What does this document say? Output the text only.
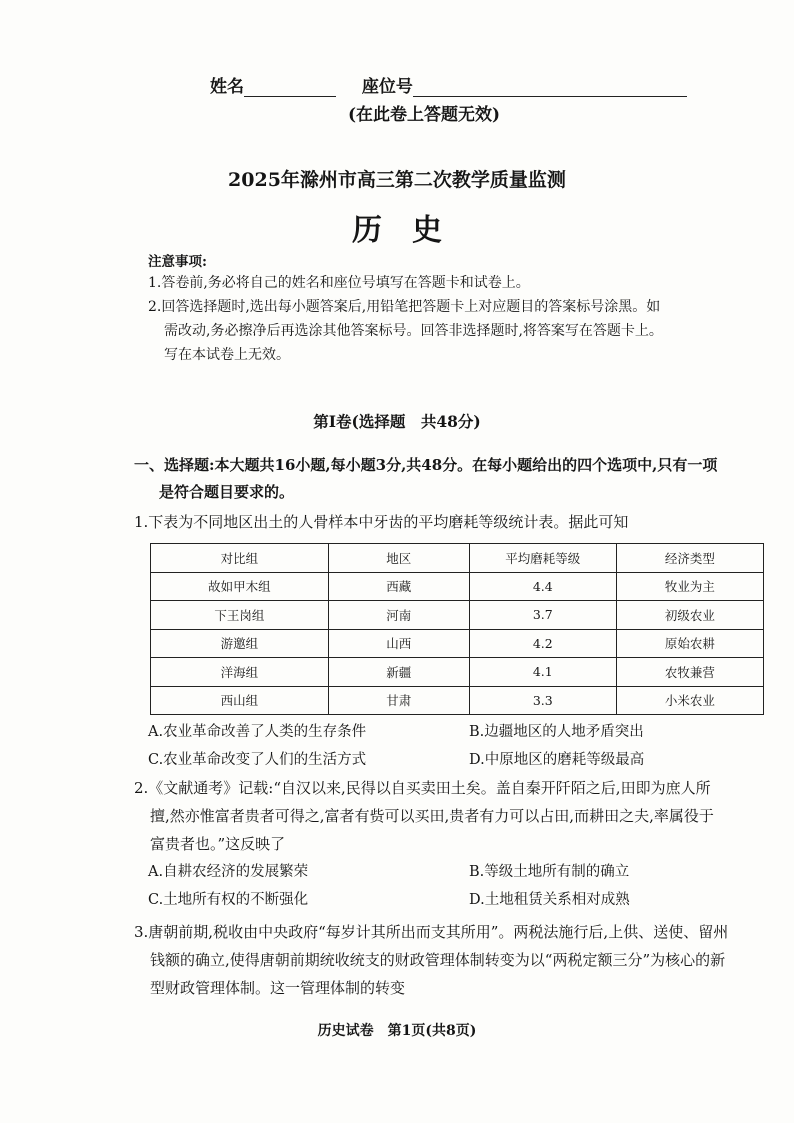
姓名	座位号
(在此卷上答题无效)
2025年滁州市高三第二次教学质量监测
历史
注意事项:
1.答卷前,务必将自己的姓名和座位号填写在答题卡和试卷上。
2.回答选择题时,选出每小题答案后,用铅笔把答题卡上对应题目的答案标号涂黑。如
需改动,务必擦净后再选涂其他答案标号。回答非选择题时,将答案写在答题卡上。
写在本试卷上无效。
第Ⅰ卷(选择题　共48分)
一、选择题:本大题共16小题,每小题3分,共48分。在每小题给出的四个选项中,只有一项
是符合题目要求的。
1.下表为不同地区出土的人骨样本中牙齿的平均磨耗等级统计表。据此可知
对比组	地区	平均磨耗等级	经济类型
故如甲木组	西藏	4.4	牧业为主
下王岗组	河南	3.7	初级农业
游邀组	山西	4.2	原始农耕
洋海组	新疆	4.1	农牧兼营
西山组	甘肃	3.3	小米农业
A.农业革命改善了人类的生存条件	B.边疆地区的人地矛盾突出
C.农业革命改变了人们的生活方式	D.中原地区的磨耗等级最高
2.《文献通考》记载:“自汉以来,民得以自买卖田土矣。盖自秦开阡陌之后,田即为庶人所
擅,然亦惟富者贵者可得之,富者有赀可以买田,贵者有力可以占田,而耕田之夫,率属役于
富贵者也。”这反映了
A.自耕农经济的发展繁荣	B.等级土地所有制的确立
C.土地所有权的不断强化	D.土地租赁关系相对成熟
3.唐朝前期,税收由中央政府“每岁计其所出而支其所用”。两税法施行后,上供、送使、留州
钱额的确立,使得唐朝前期统收统支的财政管理体制转变为以“两税定额三分”为核心的新
型财政管理体制。这一管理体制的转变
历史试卷　第1页(共8页)
